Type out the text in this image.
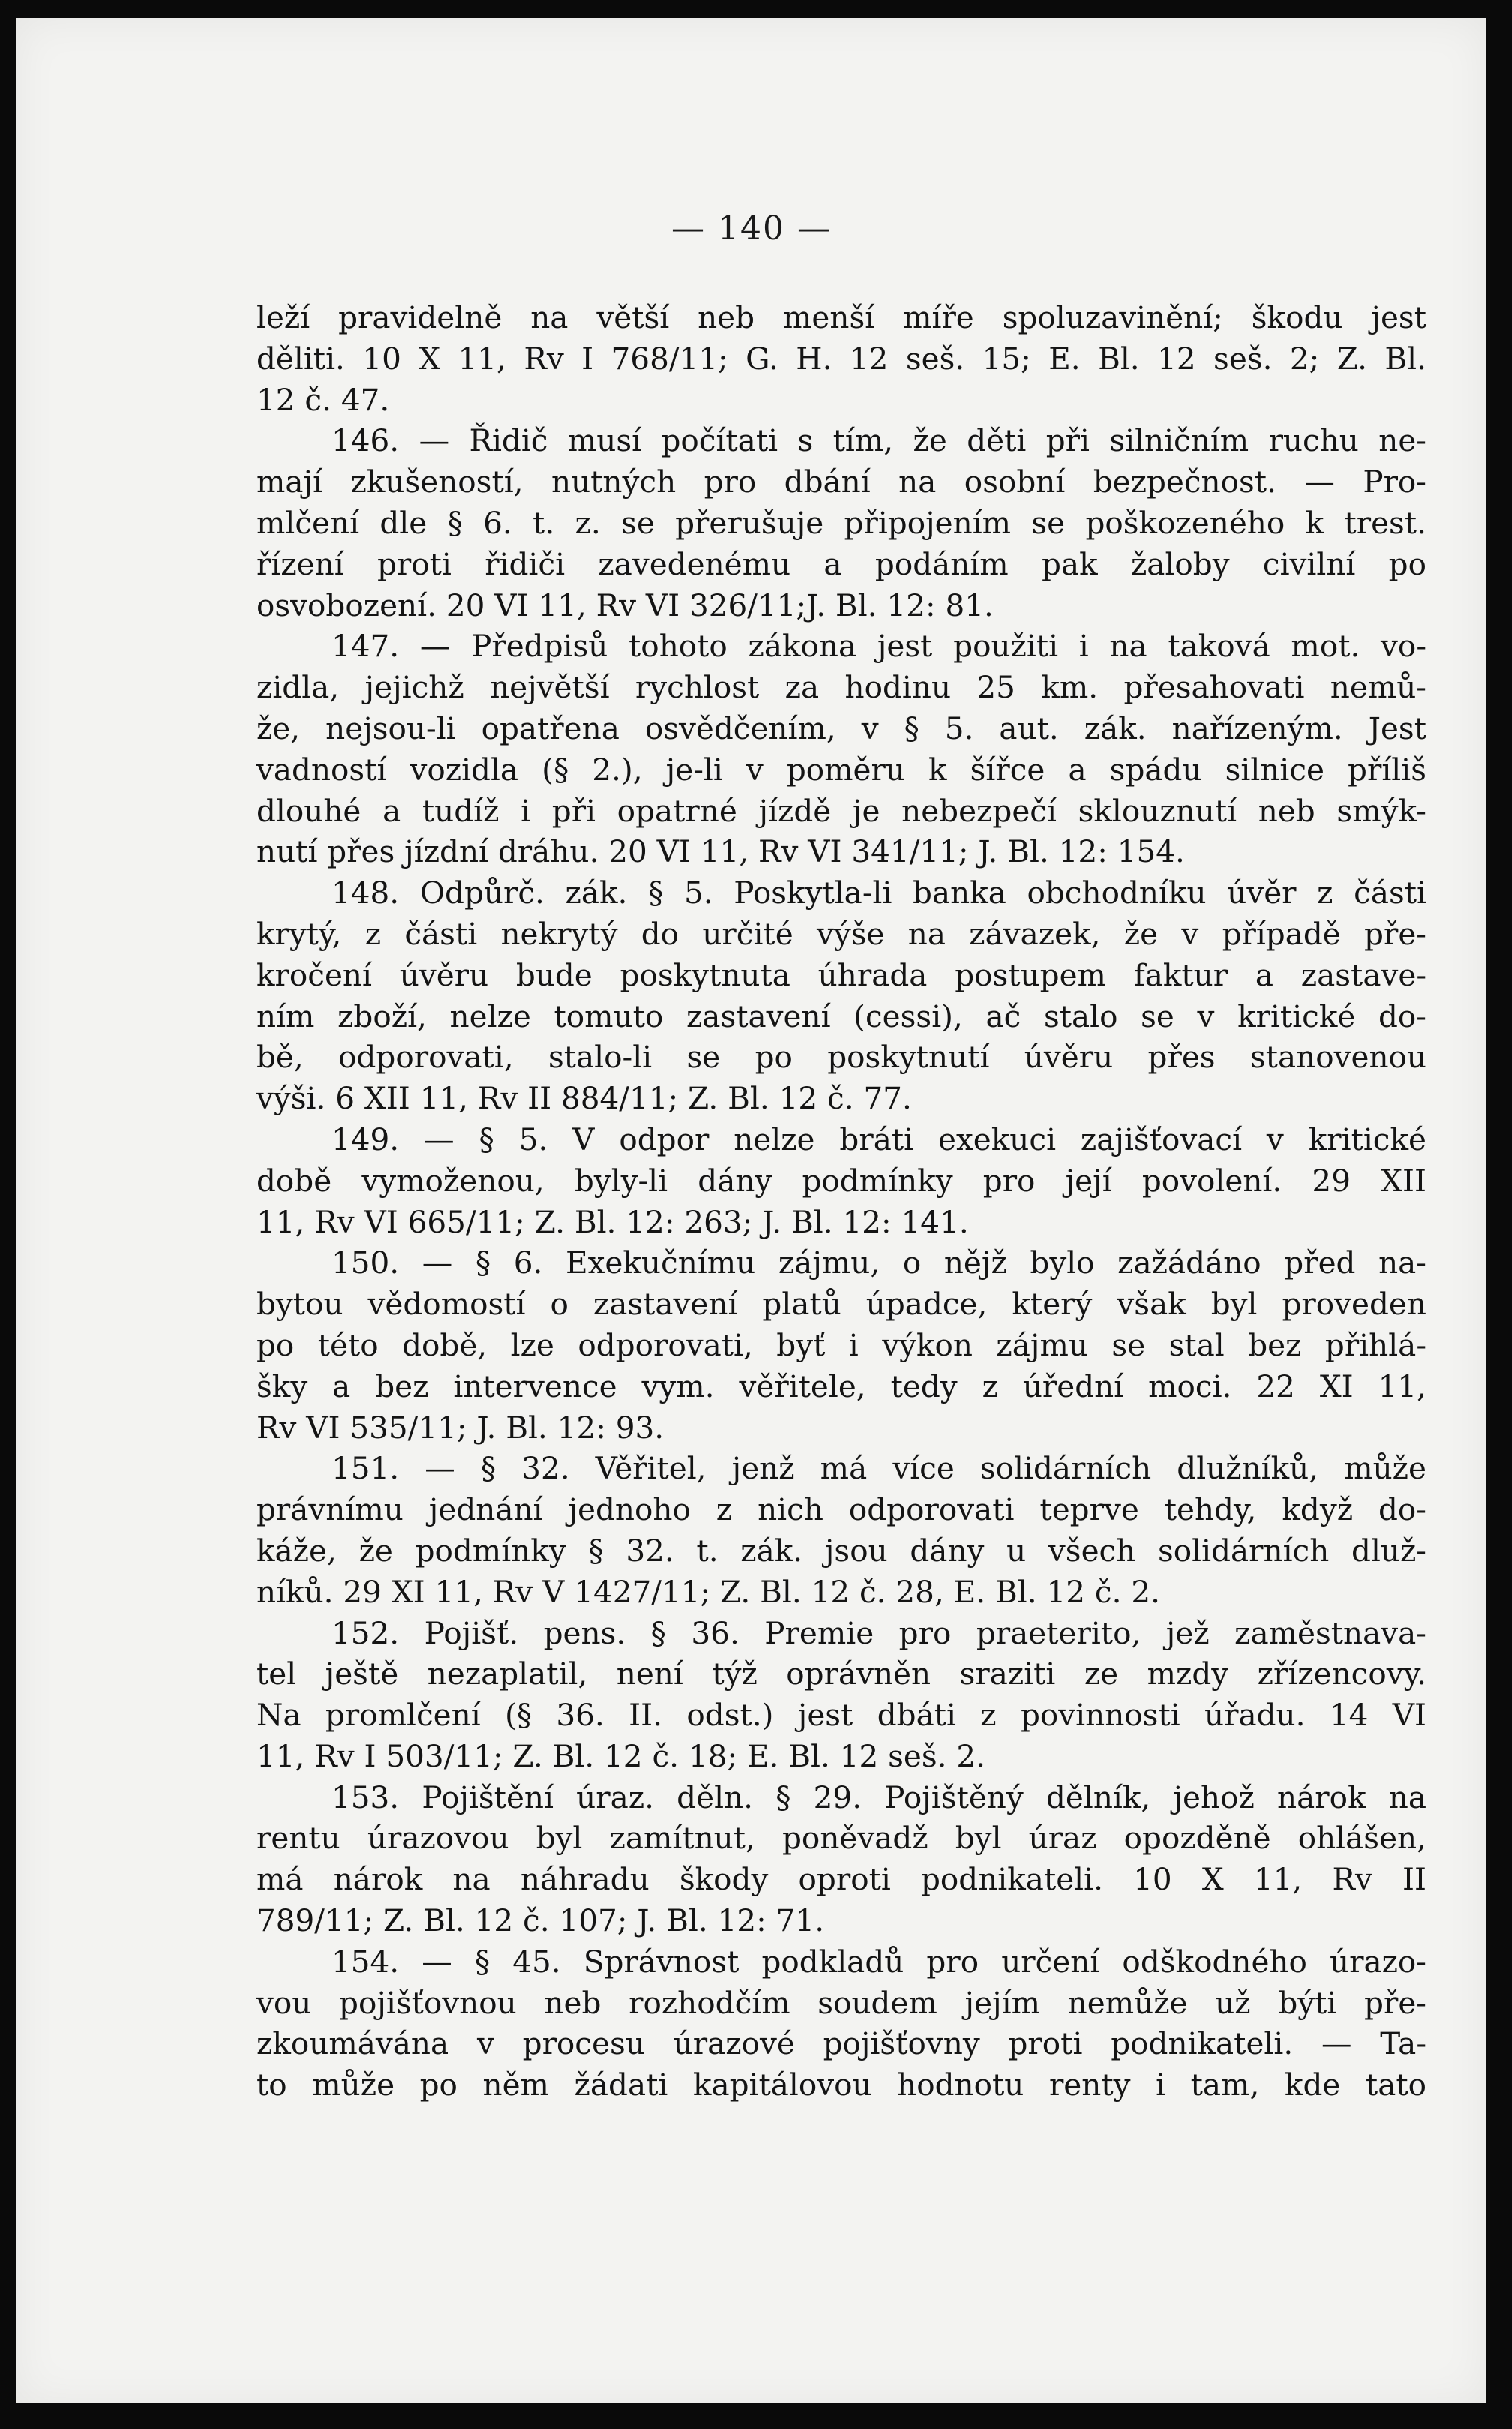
— 140 —
leží pravidelně na větší neb menší míře spoluzavinění; škodu jest
děliti. 10 X 11, Rv I 768/11; G. H. 12 seš. 15; E. Bl. 12 seš. 2; Z. Bl.
12 č. 47.
146. — Řidič musí počítati s tím, že děti při silničním ruchu ne-
mají zkušeností, nutných pro dbání na osobní bezpečnost. — Pro-
mlčení dle § 6. t. z. se přerušuje připojením se poškozeného k trest.
řízení proti řidiči zavedenému a podáním pak žaloby civilní po
osvobození. 20 VI 11, Rv VI 326/11;J. Bl. 12: 81.
147. — Předpisů tohoto zákona jest použiti i na taková mot. vo-
zidla, jejichž největší rychlost za hodinu 25 km. přesahovati nemů-
že, nejsou-li opatřena osvědčením, v § 5. aut. zák. nařízeným. Jest
vadností vozidla (§ 2.), je-li v poměru k šířce a spádu silnice příliš
dlouhé a tudíž i při opatrné jízdě je nebezpečí sklouznutí neb smýk-
nutí přes jízdní dráhu. 20 VI 11, Rv VI 341/11; J. Bl. 12: 154.
148. Odpůrč. zák. § 5. Poskytla-li banka obchodníku úvěr z části
krytý, z části nekrytý do určité výše na závazek, že v případě pře-
kročení úvěru bude poskytnuta úhrada postupem faktur a zastave-
ním zboží, nelze tomuto zastavení (cessi), ač stalo se v kritické do-
bě, odporovati, stalo-li se po poskytnutí úvěru přes stanovenou
výši. 6 XII 11, Rv II 884/11; Z. Bl. 12 č. 77.
149. — § 5. V odpor nelze bráti exekuci zajišťovací v kritické
době vymoženou, byly-li dány podmínky pro její povolení. 29 XII
11, Rv VI 665/11; Z. Bl. 12: 263; J. Bl. 12: 141.
150. — § 6. Exekučnímu zájmu, o nějž bylo zažádáno před na-
bytou vědomostí o zastavení platů úpadce, který však byl proveden
po této době, lze odporovati, byť i výkon zájmu se stal bez přihlá-
šky a bez intervence vym. věřitele, tedy z úřední moci. 22 XI 11,
Rv VI 535/11; J. Bl. 12: 93.
151. — § 32. Věřitel, jenž má více solidárních dlužníků, může
právnímu jednání jednoho z nich odporovati teprve tehdy, když do-
káže, že podmínky § 32. t. zák. jsou dány u všech solidárních dluž-
níků. 29 XI 11, Rv V 1427/11; Z. Bl. 12 č. 28, E. Bl. 12 č. 2.
152. Pojišť. pens. § 36. Premie pro praeterito, jež zaměstnava-
tel ještě nezaplatil, není týž oprávněn sraziti ze mzdy zřízencovy.
Na promlčení (§ 36. II. odst.) jest dbáti z povinnosti úřadu. 14 VI
11, Rv I 503/11; Z. Bl. 12 č. 18; E. Bl. 12 seš. 2.
153. Pojištění úraz. děln. § 29. Pojištěný dělník, jehož nárok na
rentu úrazovou byl zamítnut, poněvadž byl úraz opozděně ohlášen,
má nárok na náhradu škody oproti podnikateli. 10 X 11, Rv II
789/11; Z. Bl. 12 č. 107; J. Bl. 12: 71.
154. — § 45. Správnost podkladů pro určení odškodného úrazo-
vou pojišťovnou neb rozhodčím soudem jejím nemůže už býti pře-
zkoumávána v procesu úrazové pojišťovny proti podnikateli. — Ta-
to může po něm žádati kapitálovou hodnotu renty i tam, kde tato
